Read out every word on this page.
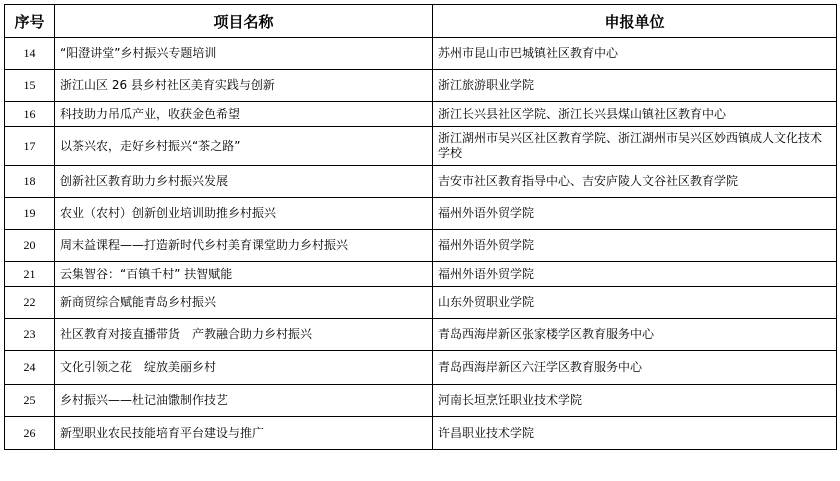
序号	项目名称	申报单位
14	“阳澄讲堂”乡村振兴专题培训	苏州市昆山市巴城镇社区教育中心
15	浙江山区 26 县乡村社区美育实践与创新	浙江旅游职业学院
16	科技助力吊瓜产业，收获金色希望	浙江长兴县社区学院、浙江长兴县煤山镇社区教育中心
17	以茶兴农，走好乡村振兴“茶之路”	浙江湖州市吴兴区社区教育学院、浙江湖州市吴兴区妙西镇成人文化技术学校
18	创新社区教育助力乡村振兴发展	吉安市社区教育指导中心、吉安庐陵人文谷社区教育学院
19	农业（农村）创新创业培训助推乡村振兴	福州外语外贸学院
20	周末益课程——打造新时代乡村美育课堂助力乡村振兴	福州外语外贸学院
21	云集智谷：“百镇千村” 扶智赋能	福州外语外贸学院
22	新商贸综合赋能青岛乡村振兴	山东外贸职业学院
23	社区教育对接直播带货　产教融合助力乡村振兴	青岛西海岸新区张家楼学区教育服务中心
24	文化引领之花　绽放美丽乡村	青岛西海岸新区六汪学区教育服务中心
25	乡村振兴——杜记油馓制作技艺	河南长垣烹饪职业技术学院
26	新型职业农民技能培育平台建设与推广	许昌职业技术学院
